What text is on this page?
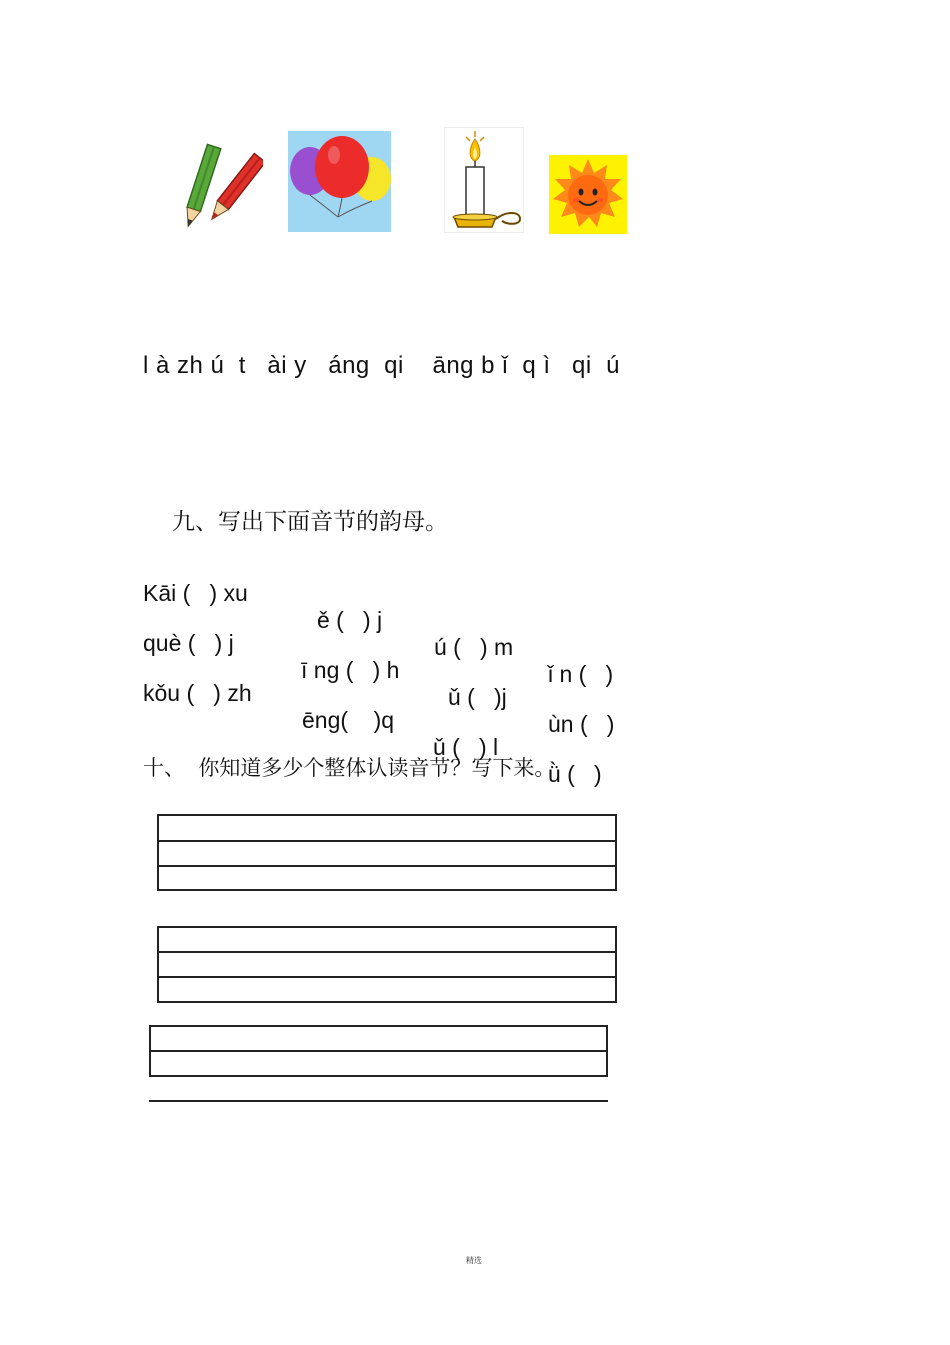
l à zh ú  t   ài y   áng  qi    āng b ǐ  q ì   qi  ú
九、写出下面音节的韵母。

Kāi (   ) xu

ě (   ) j

ú (   ) m

ǐ n (   )

què (   ) j

ī ng (   ) h

ǔ (   )j

ùn (   )

kǒu (   ) zh

ēng(    )q

ǔ (   ) l

ǜ (   )

十、  你知道多少个整体认读音节？写下来。
精选
